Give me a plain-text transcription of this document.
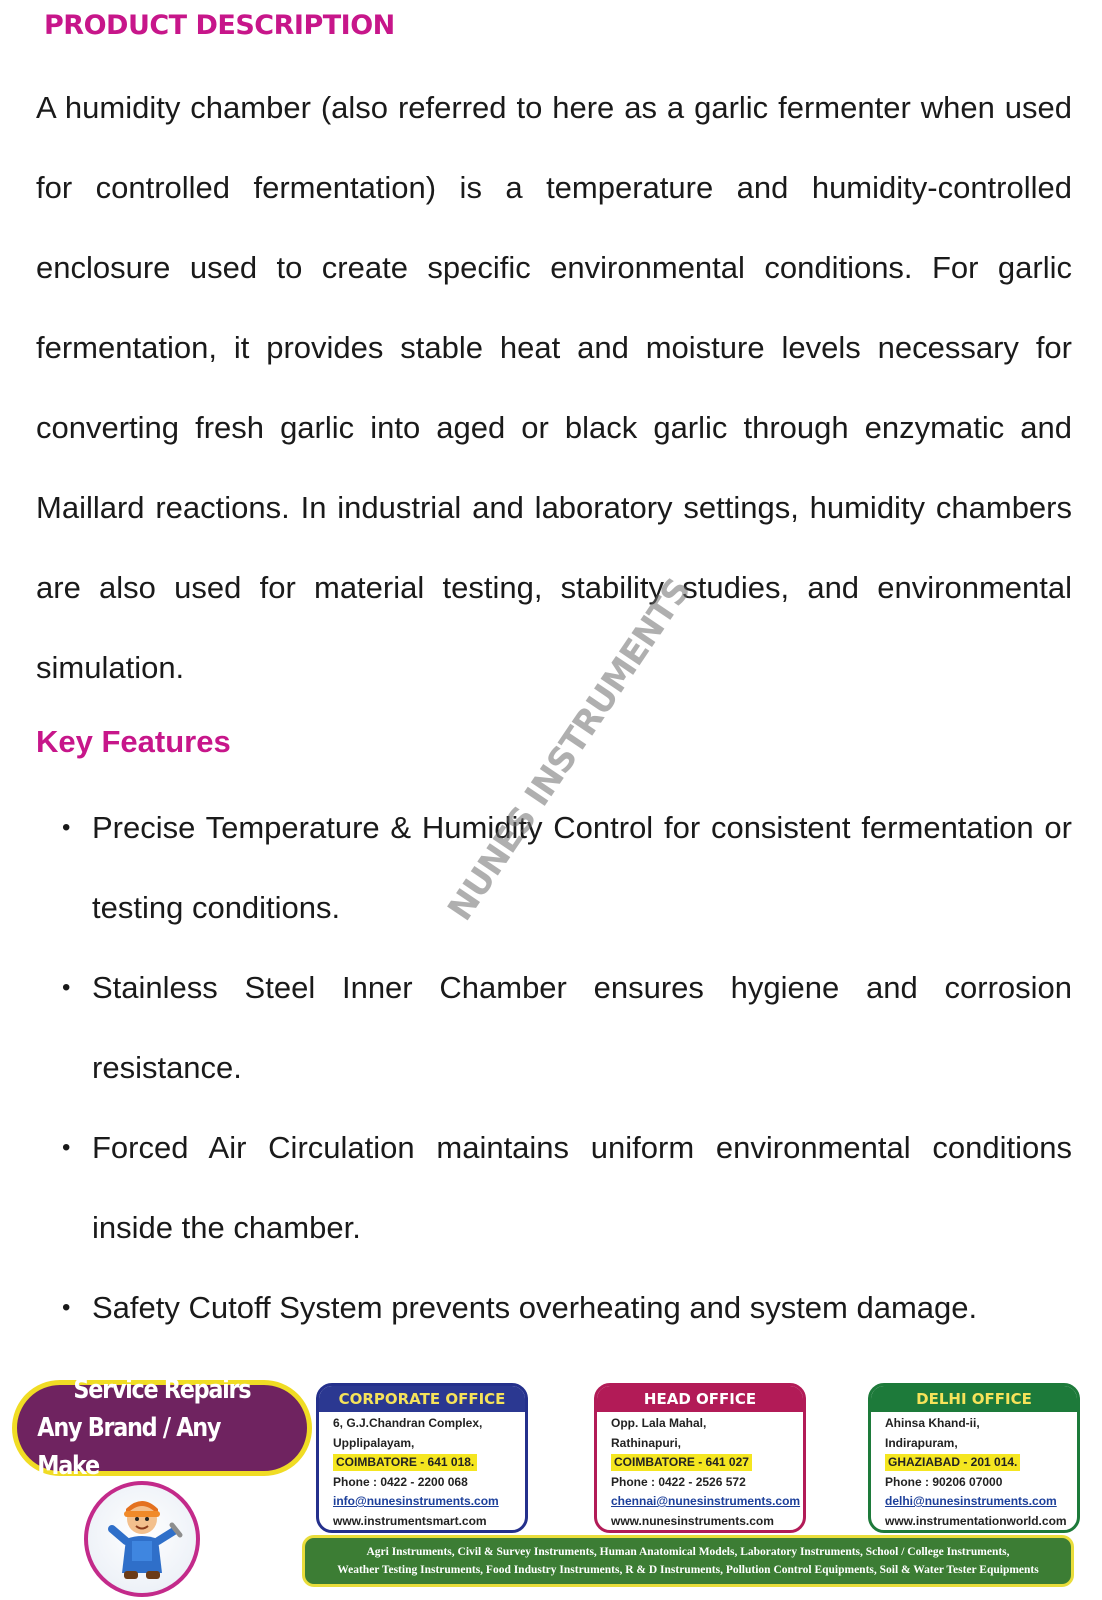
PRODUCT DESCRIPTION

A humidity chamber (also referred to here as a garlic fermenter when used for controlled fermentation) is a temperature and humidity-controlled enclosure used to create specific environmental conditions. For garlic fermentation, it provides stable heat and moisture levels necessary for converting fresh garlic into aged or black garlic through enzymatic and Maillard reactions. In industrial and laboratory settings, humidity chambers are also used for material testing, stability studies, and environmental simulation.

Key Features
• Precise Temperature & Humidity Control for consistent fermentation or testing conditions.
• Stainless Steel Inner Chamber ensures hygiene and corrosion resistance.
• Forced Air Circulation maintains uniform environmental conditions inside the chamber.
• Safety Cutoff System prevents overheating and system damage.
NUNES INSTRUMENTS
Service Repairs
Any Brand / Any Make
CORPORATE OFFICE
6, G.J.Chandran Complex,
Upplipalayam,
COIMBATORE - 641 018.
Phone : 0422 - 2200 068
info@nunesinstruments.com
www.instrumentsmart.com
HEAD OFFICE
Opp. Lala Mahal,
Rathinapuri,
COIMBATORE - 641 027
Phone : 0422 - 2526 572
chennai@nunesinstruments.com
www.nunesinstruments.com
DELHI OFFICE
Ahinsa Khand-ii,
Indirapuram,
GHAZIABAD - 201 014.
Phone : 90206 07000
delhi@nunesinstruments.com
www.instrumentationworld.com
Agri Instruments, Civil & Survey Instruments, Human Anatomical Models, Laboratory Instruments, School / College Instruments,
Weather Testing Instruments, Food Industry Instruments, R & D Instruments, Pollution Control Equipments, Soil & Water Tester Equipments
